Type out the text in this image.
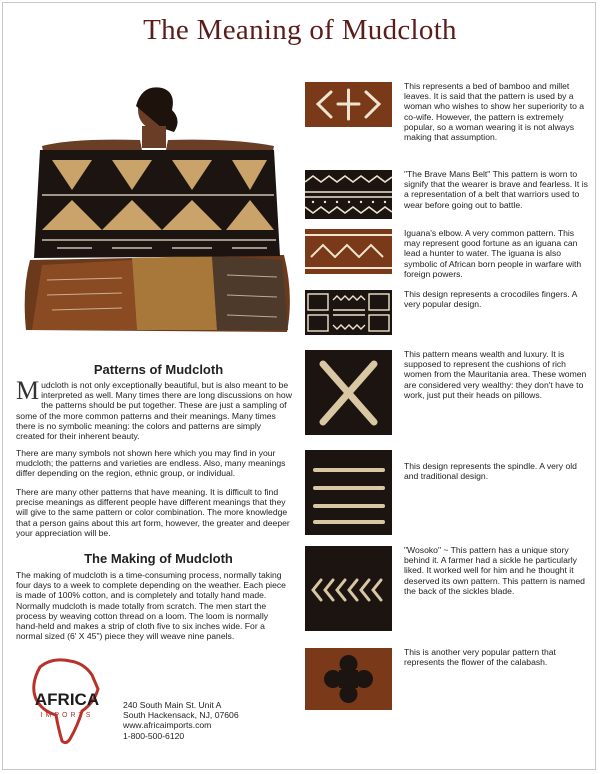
The Meaning of Mudcloth
Patterns of Mudcloth

Mudcloth is not only exceptionally beautiful, but is also meant to be interpreted as well. Many times there are long discussions on how the patterns should be put together. These are just a sampling of some of the more common patterns and their meanings. Many times there is no symbolic meaning: the colors and patterns are simply created for their inherent beauty.

There are many symbols not shown here which you may find in your mudcloth; the patterns and varieties are endless. Also, many meanings differ depending on the region, ethnic group, or individual.

There are many other patterns that have meaning. It is difficult to find precise meanings as different people have different meanings that they will give to the same pattern or color combination. The more knowledge that a person gains about this art form, however, the greater and deeper your appreciation will be.

The Making of Mudcloth

The making of mudcloth is a time-consuming process, normally taking four days to a week to complete depending on the weather. Each piece is made of 100% cotton, and is completely and totally hand made. Normally mudcloth is made totally from scratch. The men start the process by weaving cotton thread on a loom. The loom is normally hand-held and makes a strip of cloth five to six inches wide. For a normal sized (6' X 45") piece they will weave nine panels.

This represents a bed of bamboo and millet leaves. It is said that the pattern is used by a woman who wishes to show her superiority to a co-wife. However, the pattern is extremely popular, so a woman wearing it is not always making that assumption.

"The Brave Mans Belt" This pattern is worn to signify that the wearer is brave and fearless. It is a representation of a belt that warriors used to wear before going out to battle.

Iguana's elbow. A very common pattern. This may represent good fortune as an iguana can lead a hunter to water. The iguana is also symbolic of African born people in warfare with foreign powers.

This design represents a crocodiles fingers. A very popular design.

This pattern means wealth and luxury. It is supposed to represent the cushions of rich women from the Mauritania area. These women are considered very wealthy: they don't have to work, just put their heads on pillows.

This design represents the spindle. A very old and traditional design.

"Wosoko" ~ This pattern has a unique story behind it. A farmer had a sickle he particularly liked. It worked well for him and he thought it deserved its own pattern. This pattern is named the back of the sickles blade.

This is another very popular pattern that represents the flower of the calabash.

AFRICA
IMPORTS
240 South Main St. Unit A
South Hackensack, NJ, 07606
www.africaimports.com
1-800-500-6120
